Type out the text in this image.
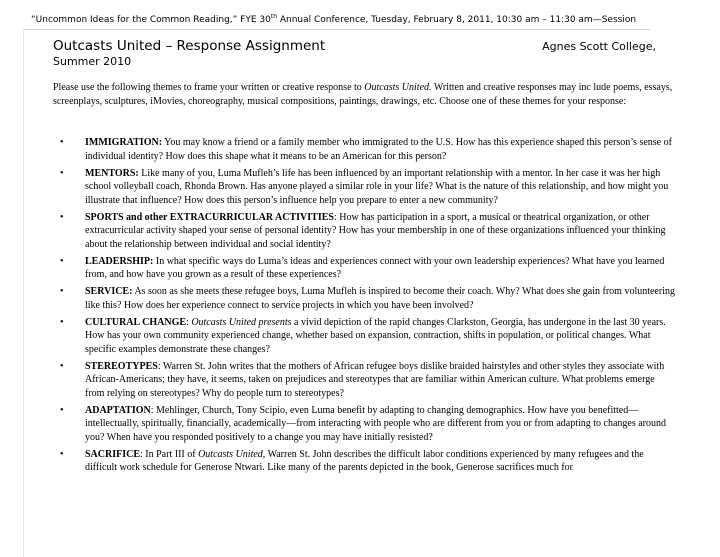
“Uncommon Ideas for the Common Reading,” FYE 30th Annual Conference, Tuesday, February 8, 2011, 10:30 am – 11:30 am—Session
Outcasts United – Response Assignment	Agnes Scott College,
Summer 2010
Please use the following themes to frame your written or creative response to Outcasts United. Written and creative responses may inc lude poems, essays, screenplays, sculptures, iMovies, choreography, musical compositions, paintings, drawings, etc. Choose one of these themes for your response:
• IMMIGRATION: You may know a friend or a family member who immigrated to the U.S. How has this experience shaped this person’s sense of individual identity? How does this shape what it means to be an American for this person?
• MENTORS: Like many of you, Luma Mufleh’s life has been influenced by an important relationship with a mentor. In her case it was her high school volleyball coach, Rhonda Brown. Has anyone played a similar role in your life? What is the nature of this relationship, and how might you illustrate that influence? How does this person’s influence help you prepare to enter a new community?
• SPORTS and other EXTRACURRICULAR ACTIVITIES: How has participation in a sport, a musical or theatrical organization, or other extracurricular activity shaped your sense of personal identity? How has your membership in one of these organizations influenced your thinking about the relationship between individual and social identity?
• LEADERSHIP: In what specific ways do Luma’s ideas and experiences connect with your own leadership experiences? What have you learned from, and how have you grown as a result of these experiences?
• SERVICE: As soon as she meets these refugee boys, Luma Mufleh is inspired to become their coach. Why? What does she gain from volunteering like this? How does her experience connect to service projects in which you have been involved?
• CULTURAL CHANGE: Outcasts United presents a vivid depiction of the rapid changes Clarkston, Georgia, has undergone in the last 30 years. How has your own community experienced change, whether based on expansion, contraction, shifts in population, or political changes. What specific examples demonstrate these changes?
• STEREOTYPES: Warren St. John writes that the mothers of African refugee boys dislike braided hairstyles and other styles they associate with African-Americans; they have, it seems, taken on prejudices and stereotypes that are familiar within American culture. What problems emerge from relying on stereotypes? Why do people turn to stereotypes?
• ADAPTATION: Mehlinger, Church, Tony Scipio, even Luma benefit by adapting to changing demographics. How have you benefitted—intellectually, spiritually, financially, academically—from interacting with people who are different from you or from adapting to changes around you? When have you responded positively to a change you may have initially resisted?
• SACRIFICE: In Part III of Outcasts United, Warren St. John describes the difficult labor conditions experienced by many refugees and the difficult work schedule for Generose Ntwari. Like many of the parents depicted in the book, Generose sacrifices much for
